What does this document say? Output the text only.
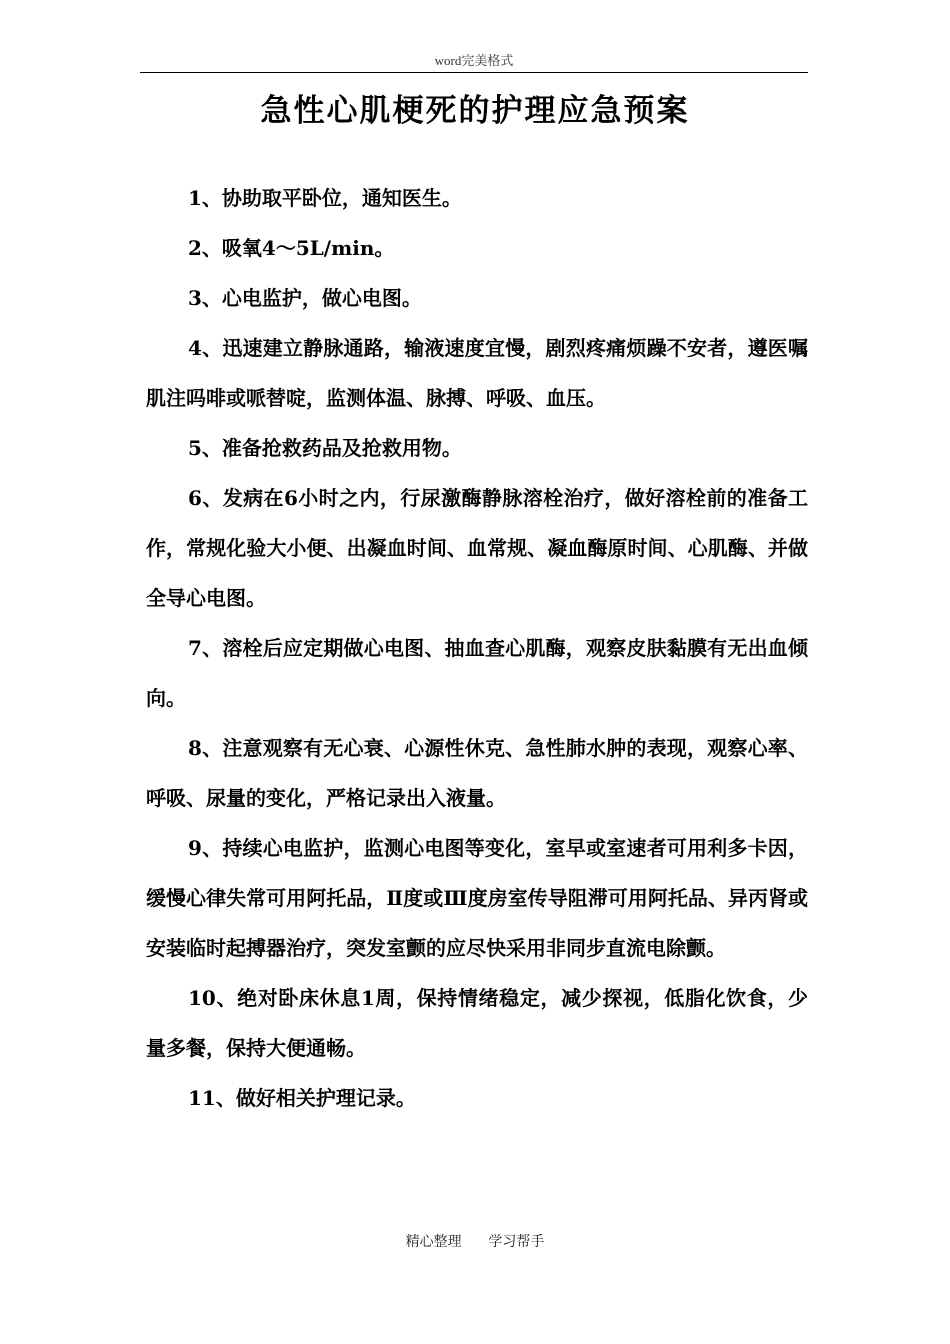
word完美格式
急性心肌梗死的护理应急预案

1、协助取平卧位，通知医生。

2、吸氧4～5L/min。

3、心电监护，做心电图。

4、迅速建立静脉通路，输液速度宜慢，剧烈疼痛烦躁不安者，遵医嘱肌注吗啡或哌替啶，监测体温、脉搏、呼吸、血压。

5、准备抢救药品及抢救用物。

6、发病在6小时之内，行尿激酶静脉溶栓治疗，做好溶栓前的准备工作，常规化验大小便、出凝血时间、血常规、凝血酶原时间、心肌酶、并做全导心电图。

7、溶栓后应定期做心电图、抽血查心肌酶，观察皮肤黏膜有无出血倾向。

8、注意观察有无心衰、心源性休克、急性肺水肿的表现，观察心率、呼吸、尿量的变化，严格记录出入液量。

9、持续心电监护，监测心电图等变化，室早或室速者可用利多卡因，缓慢心律失常可用阿托品，Ⅱ度或Ⅲ度房室传导阻滞可用阿托品、异丙肾或安装临时起搏器治疗，突发室颤的应尽快采用非同步直流电除颤。

10、绝对卧床休息1周，保持情绪稳定，减少探视，低脂化饮食，少量多餐，保持大便通畅。

11、做好相关护理记录。

精心整理 学习帮手
